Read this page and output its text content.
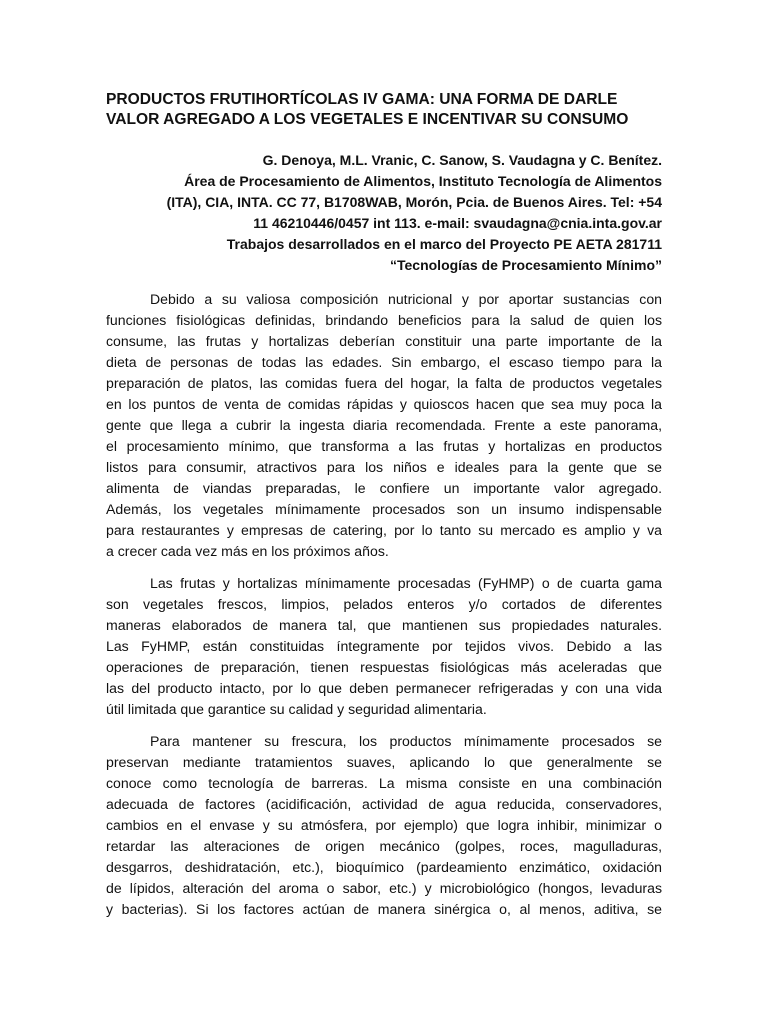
PRODUCTOS FRUTIHORTÍCOLAS IV GAMA: UNA FORMA DE DARLE
VALOR AGREGADO A LOS VEGETALES E INCENTIVAR SU CONSUMO
G. Denoya, M.L. Vranic, C. Sanow, S. Vaudagna y C. Benítez.
Área de Procesamiento de Alimentos, Instituto Tecnología de Alimentos
(ITA), CIA, INTA. CC 77, B1708WAB, Morón, Pcia. de Buenos Aires. Tel: +54
11 46210446/0457 int 113. e-mail: svaudagna@cnia.inta.gov.ar
Trabajos desarrollados en el marco del Proyecto PE AETA 281711
“Tecnologías de Procesamiento Mínimo”

Debido a su valiosa composición nutricional y por aportar sustancias con
funciones fisiológicas definidas, brindando beneficios para la salud de quien los
consume, las frutas y hortalizas deberían constituir una parte importante de la
dieta de personas de todas las edades. Sin embargo, el escaso tiempo para la
preparación de platos, las comidas fuera del hogar, la falta de productos vegetales
en los puntos de venta de comidas rápidas y quioscos hacen que sea muy poca la
gente que llega a cubrir la ingesta diaria recomendada. Frente a este panorama,
el procesamiento mínimo, que transforma a las frutas y hortalizas en productos
listos para consumir, atractivos para los niños e ideales para la gente que se
alimenta de viandas preparadas, le confiere un importante valor agregado.
Además, los vegetales mínimamente procesados son un insumo indispensable
para restaurantes y empresas de catering, por lo tanto su mercado es amplio y va
a crecer cada vez más en los próximos años.

Las frutas y hortalizas mínimamente procesadas (FyHMP) o de cuarta gama
son vegetales frescos, limpios, pelados enteros y/o cortados de diferentes
maneras elaborados de manera tal, que mantienen sus propiedades naturales.
Las FyHMP, están constituidas íntegramente por tejidos vivos. Debido a las
operaciones de preparación, tienen respuestas fisiológicas más aceleradas que
las del producto intacto, por lo que deben permanecer refrigeradas y con una vida
útil limitada que garantice su calidad y seguridad alimentaria.

Para mantener su frescura, los productos mínimamente procesados se
preservan mediante tratamientos suaves, aplicando lo que generalmente se
conoce como tecnología de barreras. La misma consiste en una combinación
adecuada de factores (acidificación, actividad de agua reducida, conservadores,
cambios en el envase y su atmósfera, por ejemplo) que logra inhibir, minimizar o
retardar las alteraciones de origen mecánico (golpes, roces, magulladuras,
desgarros, deshidratación, etc.), bioquímico (pardeamiento enzimático, oxidación
de lípidos, alteración del aroma o sabor, etc.) y microbiológico (hongos, levaduras
y bacterias). Si los factores actúan de manera sinérgica o, al menos, aditiva, se
